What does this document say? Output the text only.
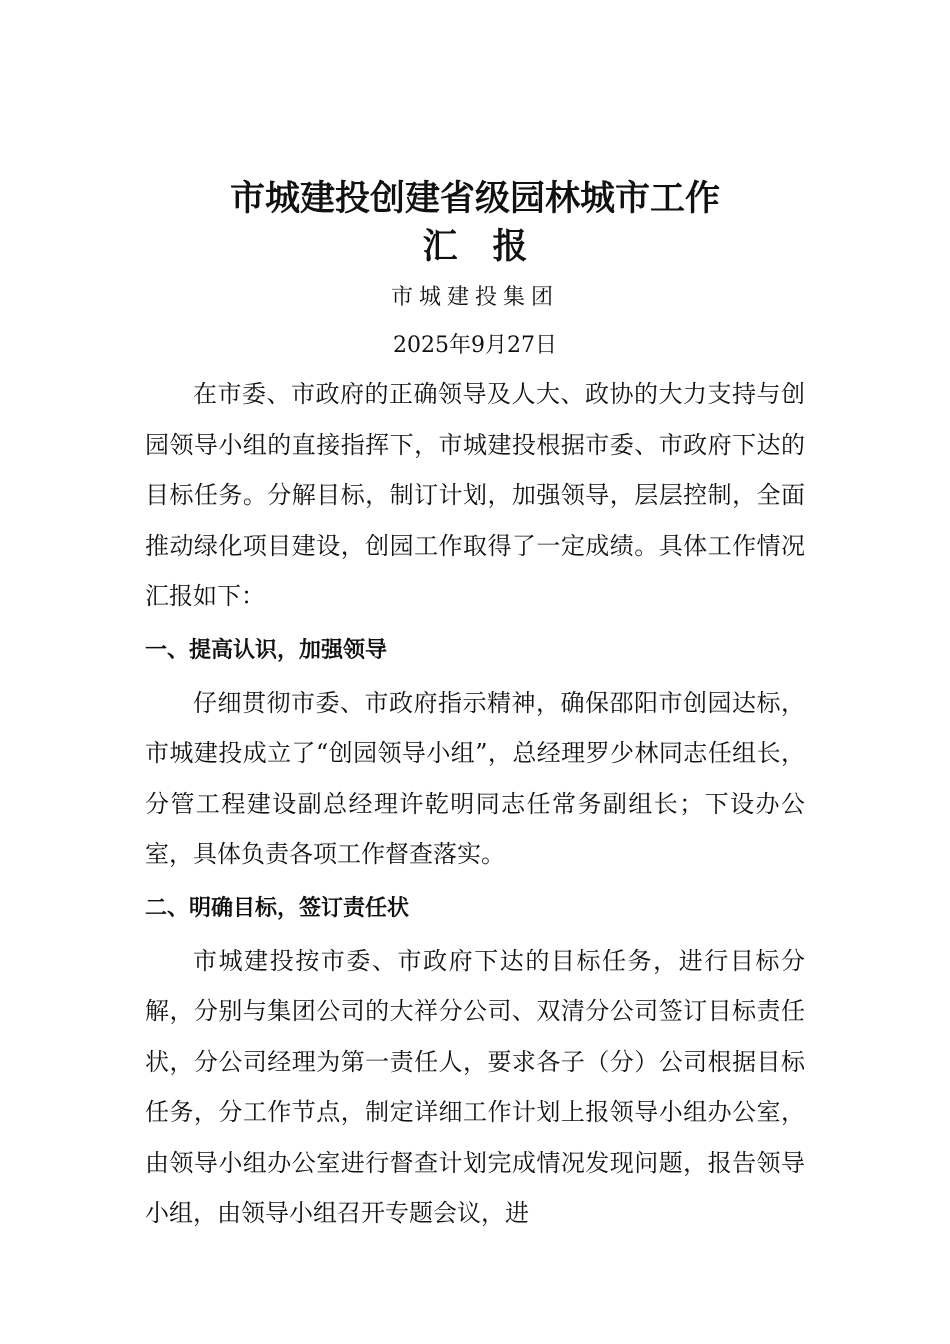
市城建投创建省级园林城市工作
汇　报
市城建投集团
2025年9月27日

在市委、市政府的正确领导及人大、政协的大力支持与创园领导小组的直接指挥下，市城建投根据市委、市政府下达的目标任务。分解目标，制订计划，加强领导，层层控制，全面推动绿化项目建设，创园工作取得了一定成绩。具体工作情况汇报如下：

一、提高认识，加强领导

仔细贯彻市委、市政府指示精神，确保邵阳市创园达标，市城建投成立了“创园领导小组”，总经理罗少林同志任组长，分管工程建设副总经理许乾明同志任常务副组长；下设办公室，具体负责各项工作督查落实。

二、明确目标，签订责任状

市城建投按市委、市政府下达的目标任务，进行目标分解，分别与集团公司的大祥分公司、双清分公司签订目标责任状，分公司经理为第一责任人，要求各子（分）公司根据目标任务，分工作节点，制定详细工作计划上报领导小组办公室，由领导小组办公室进行督查计划完成情况发现问题，报告领导小组，由领导小组召开专题会议，进
